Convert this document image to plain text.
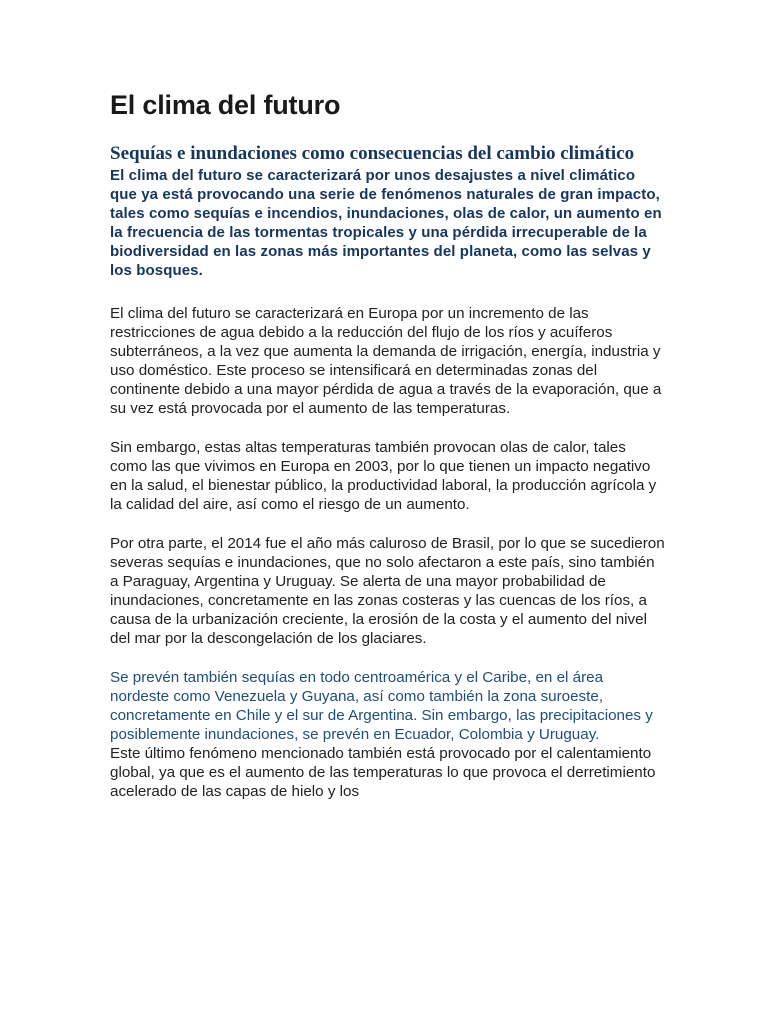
El clima del futuro
Sequías e inundaciones como consecuencias del cambio climático

El clima del futuro se caracterizará por unos desajustes a nivel climático que ya está provocando una serie de fenómenos naturales de gran impacto, tales como sequías e incendios, inundaciones, olas de calor, un aumento en la frecuencia de las tormentas tropicales y una pérdida irrecuperable de la biodiversidad en las zonas más importantes del planeta, como las selvas y los bosques.

El clima del futuro se caracterizará en Europa por un incremento de las restricciones de agua debido a la reducción del flujo de los ríos y acuíferos subterráneos, a la vez que aumenta la demanda de irrigación, energía, industria y uso doméstico. Este proceso se intensificará en determinadas zonas del continente debido a una mayor pérdida de agua a través de la evaporación, que a su vez está provocada por el aumento de las temperaturas.

Sin embargo, estas altas temperaturas también provocan olas de calor, tales como las que vivimos en Europa en 2003, por lo que tienen un impacto negativo en la salud, el bienestar público, la productividad laboral, la producción agrícola y la calidad del aire, así como el riesgo de un aumento.

Por otra parte, el 2014 fue el año más caluroso de Brasil, por lo que se sucedieron severas sequías e inundaciones, que no solo afectaron a este país, sino también a Paraguay, Argentina y Uruguay. Se alerta de una mayor probabilidad de inundaciones, concretamente en las zonas costeras y las cuencas de los ríos, a causa de la urbanización creciente, la erosión de la costa y el aumento del nivel del mar por la descongelación de los glaciares.

Se prevén también sequías en todo centroamérica y el Caribe, en el área nordeste como Venezuela y Guyana, así como también la zona suroeste, concretamente en Chile y el sur de Argentina. Sin embargo, las precipitaciones y posiblemente inundaciones, se prevén en Ecuador, Colombia y Uruguay.

Este último fenómeno mencionado también está provocado por el calentamiento global, ya que es el aumento de las temperaturas lo que provoca el derretimiento acelerado de las capas de hielo y los
